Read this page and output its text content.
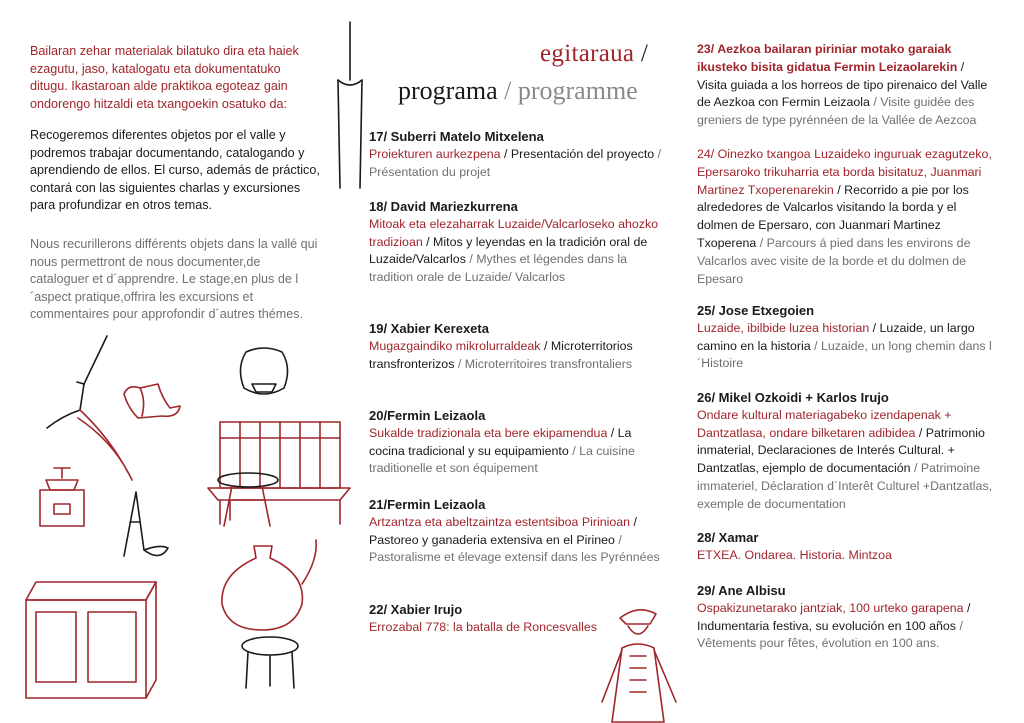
Bailaran zehar materialak bilatuko dira eta haiek ezagutu, jaso, katalogatu eta dokumentatuko ditugu. Ikastaroan alde praktikoa egoteaz gain ondorengo hitzaldi eta txangoekin osatuko da:

Recogeremos diferentes objetos por el valle y podremos trabajar documentando, catalogando y aprendiendo de ellos. El curso, además de práctico, contará con las siguientes charlas y excursiones para profundizar en otros temas.

Nous recurillerons différents objets dans la vallé qui nous permettront de nous documenter,de cataloguer et d´apprendre. Le stage,en plus de l´aspect pratique,offrira les excursions et commentaires pour approfondir d´autres thémes.

egitaraua /
programa / programme

17/ Suberri Matelo Mitxelena

Proiekturen aurkezpena / Presentación del proyecto / Présentation du projet

18/ David Mariezkurrena

Mitoak eta elezaharrak Luzaide/Valcarloseko ahozko tradizioan / Mitos y leyendas en la tradición oral de Luzaide/Valcarlos / Mythes et légendes dans la tradition orale de Luzaide/ Valcarlos

19/ Xabier Kerexeta

Mugazgaindiko mikrolurraldeak / Microterritorios transfronterizos / Microterritoires transfrontaliers

20/Fermin Leizaola

Sukalde tradizionala eta bere ekipamendua / La cocina tradicional y su equipamiento / La cuisine traditionelle et son équipement

21/Fermin Leizaola

Artzantza eta abeltzaintza estentsiboa Pirinioan / Pastoreo y ganaderia extensiva en el Pirineo / Pastoralisme et élevage extensif dans les Pyrénnées

22/ Xabier Irujo

Errozabal 778: la batalla de Roncesvalles

23/ Aezkoa bailaran piriniar motako garaiak ikusteko bisita gidatua Fermin Leizaolarekin / Visita guiada a los horreos de tipo pirenaico del Valle de Aezkoa con Fermin Leizaola / Visite guidée des greniers de type pyrénnéen de la Vallée de Aezcoa

24/ Oinezko txangoa Luzaideko inguruak ezagutzeko, Epersaroko trikuharria eta borda bisitatuz, Juanmari Martinez Txoperenarekin / Recorrido a pie por los alrededores de Valcarlos visitando la borda y el dolmen de Epersaro, con Juanmari Martinez Txoperena / Parcours á pied dans les environs de Valcarlos avec visite de la borde et du dolmen de Epesaro

25/ Jose Etxegoien

Luzaide, ibilbide luzea historian / Luzaide, un largo camino en la historia / Luzaide, un long chemin dans l´Histoire

26/ Mikel Ozkoidi + Karlos Irujo

Ondare kultural materiagabeko izendapenak + Dantzatlasa, ondare bilketaren adibidea / Patrimonio inmaterial, Declaraciones de Interés Cultural. + Dantzatlas, ejemplo de documentación / Patrimoine immateriel, Déclaration d´Interêt Culturel +Dantzatlas, exemple de documentation

28/ Xamar

ETXEA. Ondarea. Historia. Mintzoa

29/ Ane Albisu

Ospakizunetarako jantziak, 100 urteko garapena / Indumentaria festiva, su evolución en 100 años / Vêtements pour fêtes, évolution en 100 ans.
